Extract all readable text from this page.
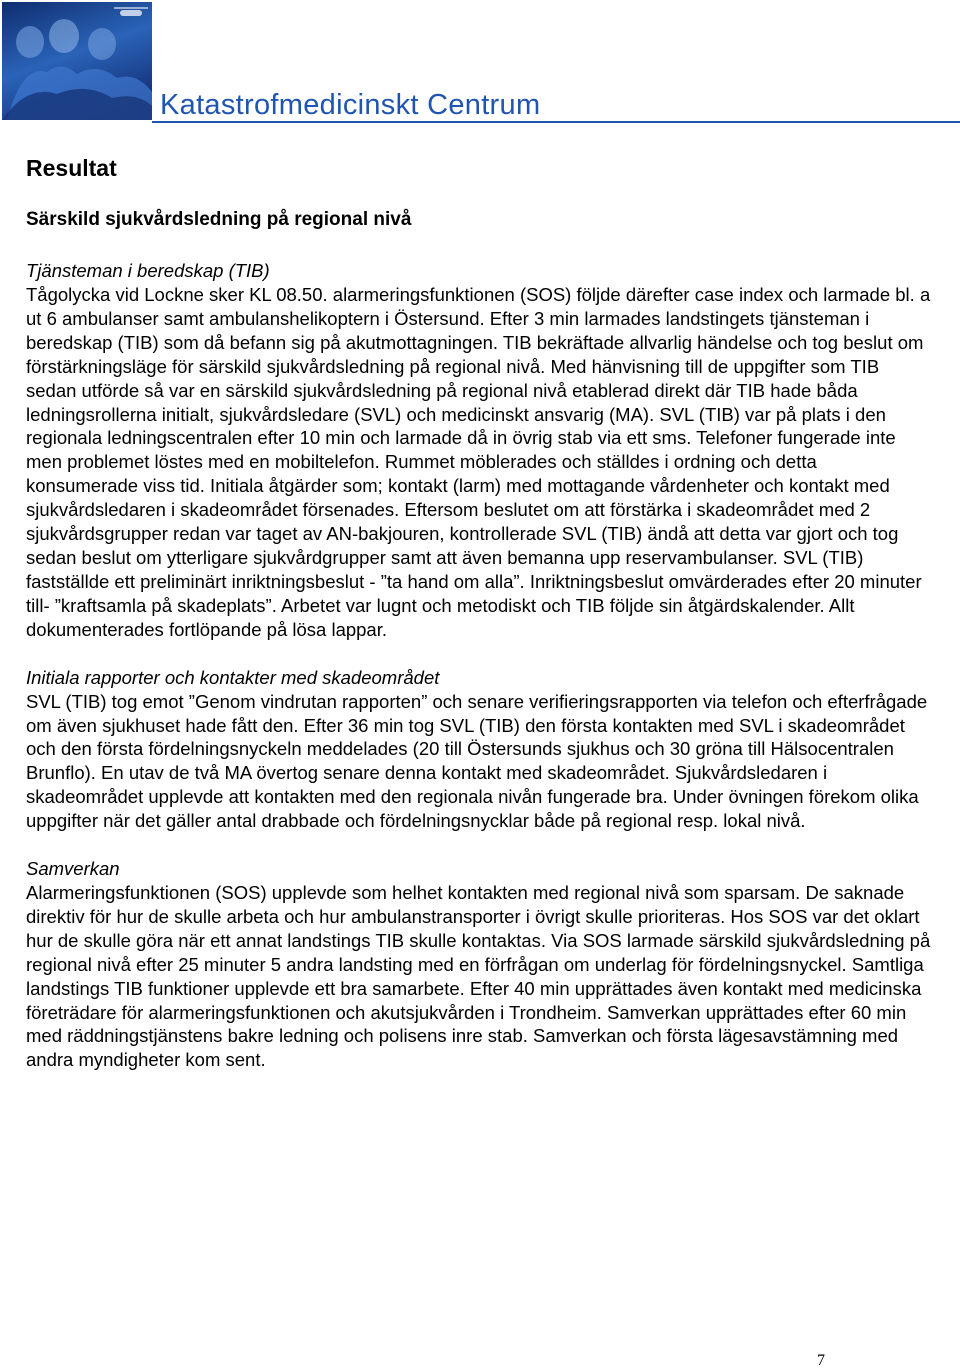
Katastrofmedicinskt Centrum
Resultat
Särskild sjukvårdsledning på regional nivå
Tjänsteman i beredskap (TIB)

Tågolycka vid Lockne sker KL 08.50. alarmeringsfunktionen (SOS) följde därefter case index och larmade bl. a ut 6 ambulanser samt ambulanshelikoptern i Östersund. Efter 3 min larmades landstingets tjänsteman i beredskap (TIB) som då befann sig på akutmottagningen. TIB bekräftade allvarlig händelse och tog beslut om förstärkningsläge för särskild sjukvårdsledning på regional nivå. Med hänvisning till de uppgifter som TIB sedan utförde så var en särskild sjukvårdsledning på regional nivå etablerad direkt där TIB hade båda ledningsrollerna initialt, sjukvårdsledare (SVL) och medicinskt ansvarig (MA). SVL (TIB) var på plats i den regionala ledningscentralen efter 10 min och larmade då in övrig stab via ett sms. Telefoner fungerade inte men problemet löstes med en mobiltelefon. Rummet möblerades och ställdes i ordning och detta konsumerade viss tid. Initiala åtgärder som; kontakt (larm) med mottagande vårdenheter och kontakt med sjukvårdsledaren i skadeområdet försenades. Eftersom beslutet om att förstärka i skadeområdet med 2 sjukvårdsgrupper redan var taget av AN-bakjouren, kontrollerade SVL (TIB) ändå att detta var gjort och tog sedan beslut om ytterligare sjukvårdgrupper samt att även bemanna upp reservambulanser. SVL (TIB) fastställde ett preliminärt inriktningsbeslut - ”ta hand om alla”. Inriktningsbeslut omvärderades efter 20 minuter till- ”kraftsamla på skadeplats”. Arbetet var lugnt och metodiskt och TIB följde sin åtgärdskalender. Allt dokumenterades fortlöpande på lösa lappar.

Initiala rapporter och kontakter med skadeområdet

SVL (TIB) tog emot ”Genom vindrutan rapporten” och senare verifieringsrapporten via telefon och efterfrågade om även sjukhuset hade fått den. Efter 36 min tog SVL (TIB) den första kontakten med SVL i skadeområdet och den första fördelningsnyckeln meddelades (20 till Östersunds sjukhus och 30 gröna till Hälsocentralen Brunflo). En utav de två MA övertog senare denna kontakt med skadeområdet. Sjukvårdsledaren i skadeområdet upplevde att kontakten med den regionala nivån fungerade bra. Under övningen förekom olika uppgifter när det gäller antal drabbade och fördelningsnycklar både på regional resp. lokal nivå.

Samverkan

Alarmeringsfunktionen (SOS) upplevde som helhet kontakten med regional nivå som sparsam. De saknade direktiv för hur de skulle arbeta och hur ambulanstransporter i övrigt skulle prioriteras. Hos SOS var det oklart hur de skulle göra när ett annat landstings TIB skulle kontaktas. Via SOS larmade särskild sjukvårdsledning på regional nivå efter 25 minuter 5 andra landsting med en förfrågan om underlag för fördelningsnyckel. Samtliga landstings TIB funktioner upplevde ett bra samarbete. Efter 40 min upprättades även kontakt med medicinska företrädare för alarmeringsfunktionen och akutsjukvården i Trondheim. Samverkan upprättades efter 60 min med räddningstjänstens bakre ledning och polisens inre stab. Samverkan och första lägesavstämning med andra myndigheter kom sent.

7
